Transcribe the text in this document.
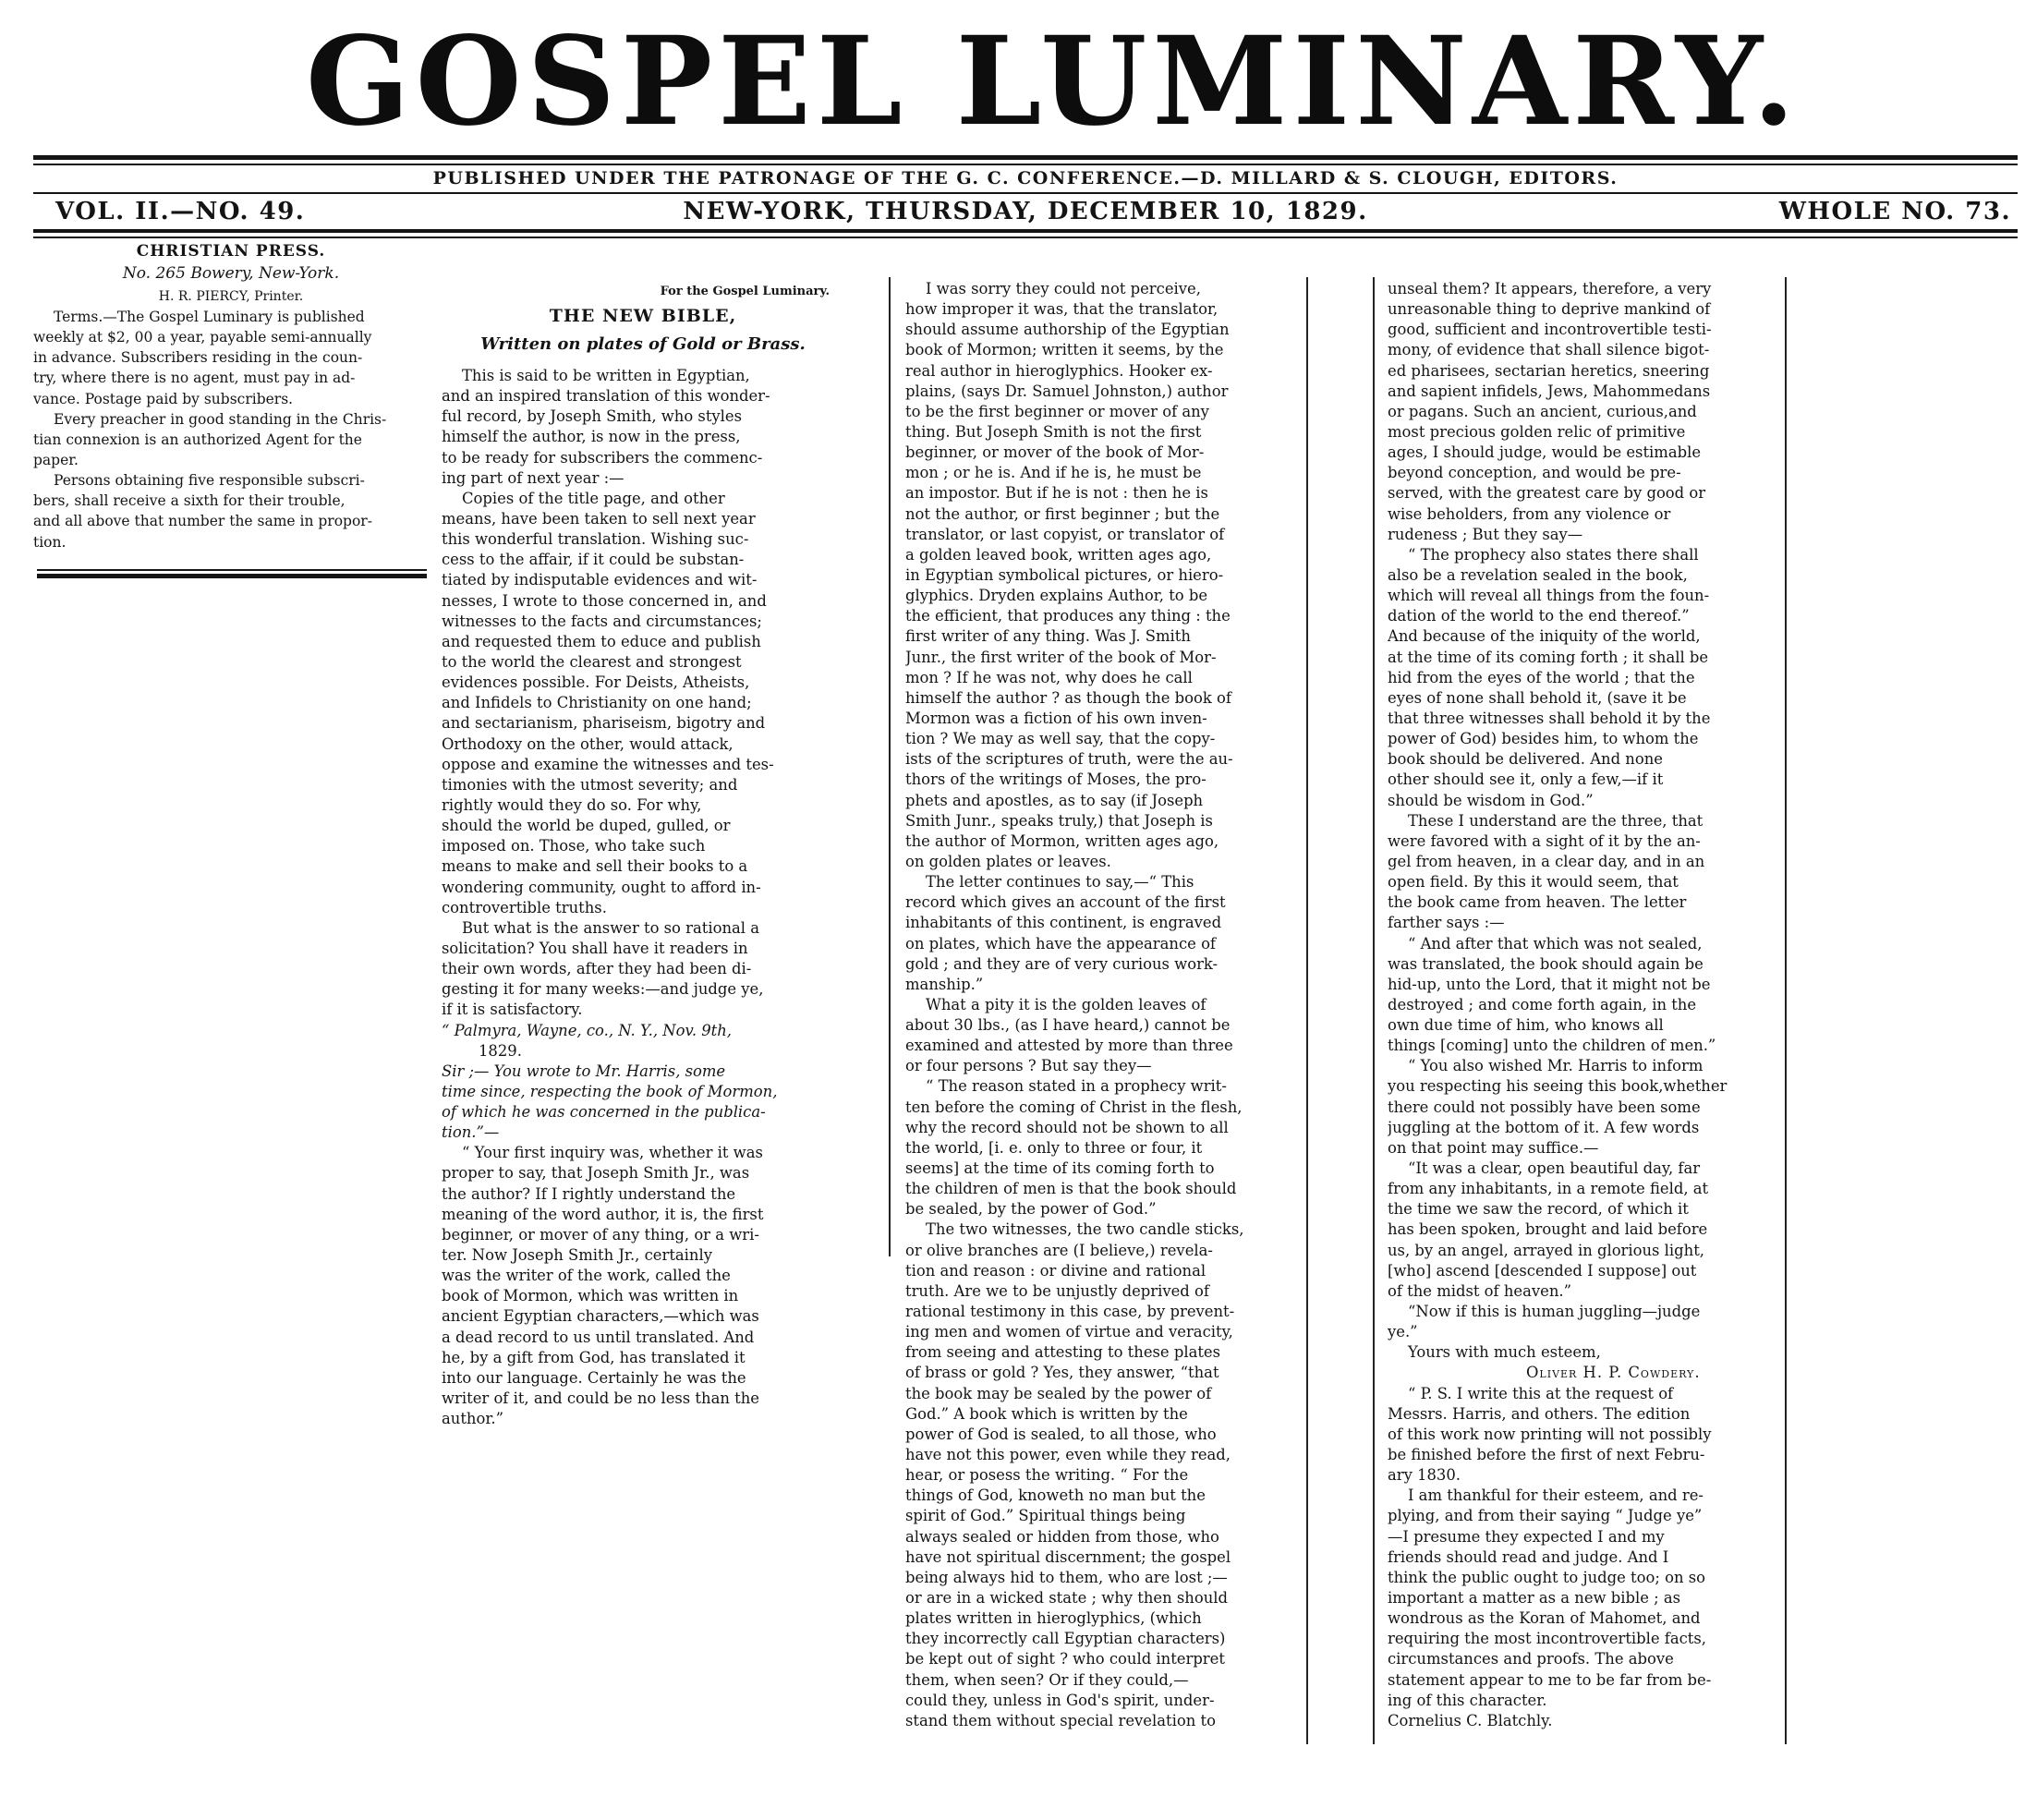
GOSPEL LUMINARY.
PUBLISHED UNDER THE PATRONAGE OF THE G. C. CONFERENCE.—D. MILLARD & S. CLOUGH, EDITORS.
VOL. II.—NO. 49.	NEW-YORK, THURSDAY, DECEMBER 10, 1829.	WHOLE NO. 73.
CHRISTIAN PRESS.
No. 265 Bowery, New-York.
H. R. PIERCY, Printer.
Terms.—The Gospel Luminary is published
weekly at $2, 00 a year, payable semi-annually
in advance. Subscribers residing in the coun-
try, where there is no agent, must pay in ad-
vance. Postage paid by subscribers.
Every preacher in good standing in the Chris-
tian connexion is an authorized Agent for the
paper.
Persons obtaining five responsible subscri-
bers, shall receive a sixth for their trouble,
and all above that number the same in propor-
tion.
For the Gospel Luminary.
THE NEW BIBLE,
Written on plates of Gold or Brass.
This is said to be written in Egyptian,
and an inspired translation of this wonder-
ful record, by Joseph Smith, who styles
himself the author, is now in the press,
to be ready for subscribers the commenc-
ing part of next year :—
Copies of the title page, and other
means, have been taken to sell next year
this wonderful translation. Wishing suc-
cess to the affair, if it could be substan-
tiated by indisputable evidences and wit-
nesses, I wrote to those concerned in, and
witnesses to the facts and circumstances;
and requested them to educe and publish
to the world the clearest and strongest
evidences possible. For Deists, Atheists,
and Infidels to Christianity on one hand;
and sectarianism, phariseism, bigotry and
Orthodoxy on the other, would attack,
oppose and examine the witnesses and tes-
timonies with the utmost severity; and
rightly would they do so. For why,
should the world be duped, gulled, or
imposed on. Those, who take such
means to make and sell their books to a
wondering community, ought to afford in-
controvertible truths.
But what is the answer to so rational a
solicitation? You shall have it readers in
their own words, after they had been di-
gesting it for many weeks:—and judge ye,
if it is satisfactory.
“ Palmyra, Wayne, co., N. Y., Nov. 9th,
1829.
Sir ;— You wrote to Mr. Harris, some
time since, respecting the book of Mormon,
of which he was concerned in the publica-
tion.”—
“ Your first inquiry was, whether it was
proper to say, that Joseph Smith Jr., was
the author? If I rightly understand the
meaning of the word author, it is, the first
beginner, or mover of any thing, or a wri-
ter. Now Joseph Smith Jr., certainly
was the writer of the work, called the
book of Mormon, which was written in
ancient Egyptian characters,—which was
a dead record to us until translated. And
he, by a gift from God, has translated it
into our language. Certainly he was the
writer of it, and could be no less than the
author.”
I was sorry they could not perceive,
how improper it was, that the translator,
should assume authorship of the Egyptian
book of Mormon; written it seems, by the
real author in hieroglyphics. Hooker ex-
plains, (says Dr. Samuel Johnston,) author
to be the first beginner or mover of any
thing. But Joseph Smith is not the first
beginner, or mover of the book of Mor-
mon ; or he is. And if he is, he must be
an impostor. But if he is not : then he is
not the author, or first beginner ; but the
translator, or last copyist, or translator of
a golden leaved book, written ages ago,
in Egyptian symbolical pictures, or hiero-
glyphics. Dryden explains Author, to be
the efficient, that produces any thing : the
first writer of any thing. Was J. Smith
Junr., the first writer of the book of Mor-
mon ? If he was not, why does he call
himself the author ? as though the book of
Mormon was a fiction of his own inven-
tion ? We may as well say, that the copy-
ists of the scriptures of truth, were the au-
thors of the writings of Moses, the pro-
phets and apostles, as to say (if Joseph
Smith Junr., speaks truly,) that Joseph is
the author of Mormon, written ages ago,
on golden plates or leaves.
The letter continues to say,—“ This
record which gives an account of the first
inhabitants of this continent, is engraved
on plates, which have the appearance of
gold ; and they are of very curious work-
manship.”
What a pity it is the golden leaves of
about 30 lbs., (as I have heard,) cannot be
examined and attested by more than three
or four persons ? But say they—
“ The reason stated in a prophecy writ-
ten before the coming of Christ in the flesh,
why the record should not be shown to all
the world, [i. e. only to three or four, it
seems] at the time of its coming forth to
the children of men is that the book should
be sealed, by the power of God.”
The two witnesses, the two candle sticks,
or olive branches are (I believe,) revela-
tion and reason : or divine and rational
truth. Are we to be unjustly deprived of
rational testimony in this case, by prevent-
ing men and women of virtue and veracity,
from seeing and attesting to these plates
of brass or gold ? Yes, they answer, “that
the book may be sealed by the power of
God.” A book which is written by the
power of God is sealed, to all those, who
have not this power, even while they read,
hear, or posess the writing. “ For the
things of God, knoweth no man but the
spirit of God.” Spiritual things being
always sealed or hidden from those, who
have not spiritual discernment; the gospel
being always hid to them, who are lost ;—
or are in a wicked state ; why then should
plates written in hieroglyphics, (which
they incorrectly call Egyptian characters)
be kept out of sight ? who could interpret
them, when seen? Or if they could,—
could they, unless in God's spirit, under-
stand them without special revelation to
unseal them? It appears, therefore, a very
unreasonable thing to deprive mankind of
good, sufficient and incontrovertible testi-
mony, of evidence that shall silence bigot-
ed pharisees, sectarian heretics, sneering
and sapient infidels, Jews, Mahommedans
or pagans. Such an ancient, curious,and
most precious golden relic of primitive
ages, I should judge, would be estimable
beyond conception, and would be pre-
served, with the greatest care by good or
wise beholders, from any violence or
rudeness ; But they say—
“ The prophecy also states there shall
also be a revelation sealed in the book,
which will reveal all things from the foun-
dation of the world to the end thereof.”
And because of the iniquity of the world,
at the time of its coming forth ; it shall be
hid from the eyes of the world ; that the
eyes of none shall behold it, (save it be
that three witnesses shall behold it by the
power of God) besides him, to whom the
book should be delivered. And none
other should see it, only a few,—if it
should be wisdom in God.”
These I understand are the three, that
were favored with a sight of it by the an-
gel from heaven, in a clear day, and in an
open field. By this it would seem, that
the book came from heaven. The letter
farther says :—
“ And after that which was not sealed,
was translated, the book should again be
hid-up, unto the Lord, that it might not be
destroyed ; and come forth again, in the
own due time of him, who knows all
things [coming] unto the children of men.”
“ You also wished Mr. Harris to inform
you respecting his seeing this book,whether
there could not possibly have been some
juggling at the bottom of it. A few words
on that point may suffice.—
“It was a clear, open beautiful day, far
from any inhabitants, in a remote field, at
the time we saw the record, of which it
has been spoken, brought and laid before
us, by an angel, arrayed in glorious light,
[who] ascend [descended I suppose] out
of the midst of heaven.”
“Now if this is human juggling—judge
ye.”
Yours with much esteem,
Oliver H. P. Cowdery.
“ P. S. I write this at the request of
Messrs. Harris, and others. The edition
of this work now printing will not possibly
be finished before the first of next Febru-
ary 1830.
I am thankful for their esteem, and re-
plying, and from their saying “ Judge ye”
—I presume they expected I and my
friends should read and judge. And I
think the public ought to judge too; on so
important a matter as a new bible ; as
wondrous as the Koran of Mahomet, and
requiring the most incontrovertible facts,
circumstances and proofs. The above
statement appear to me to be far from be-
ing of this character.
Cornelius C. Blatchly.
